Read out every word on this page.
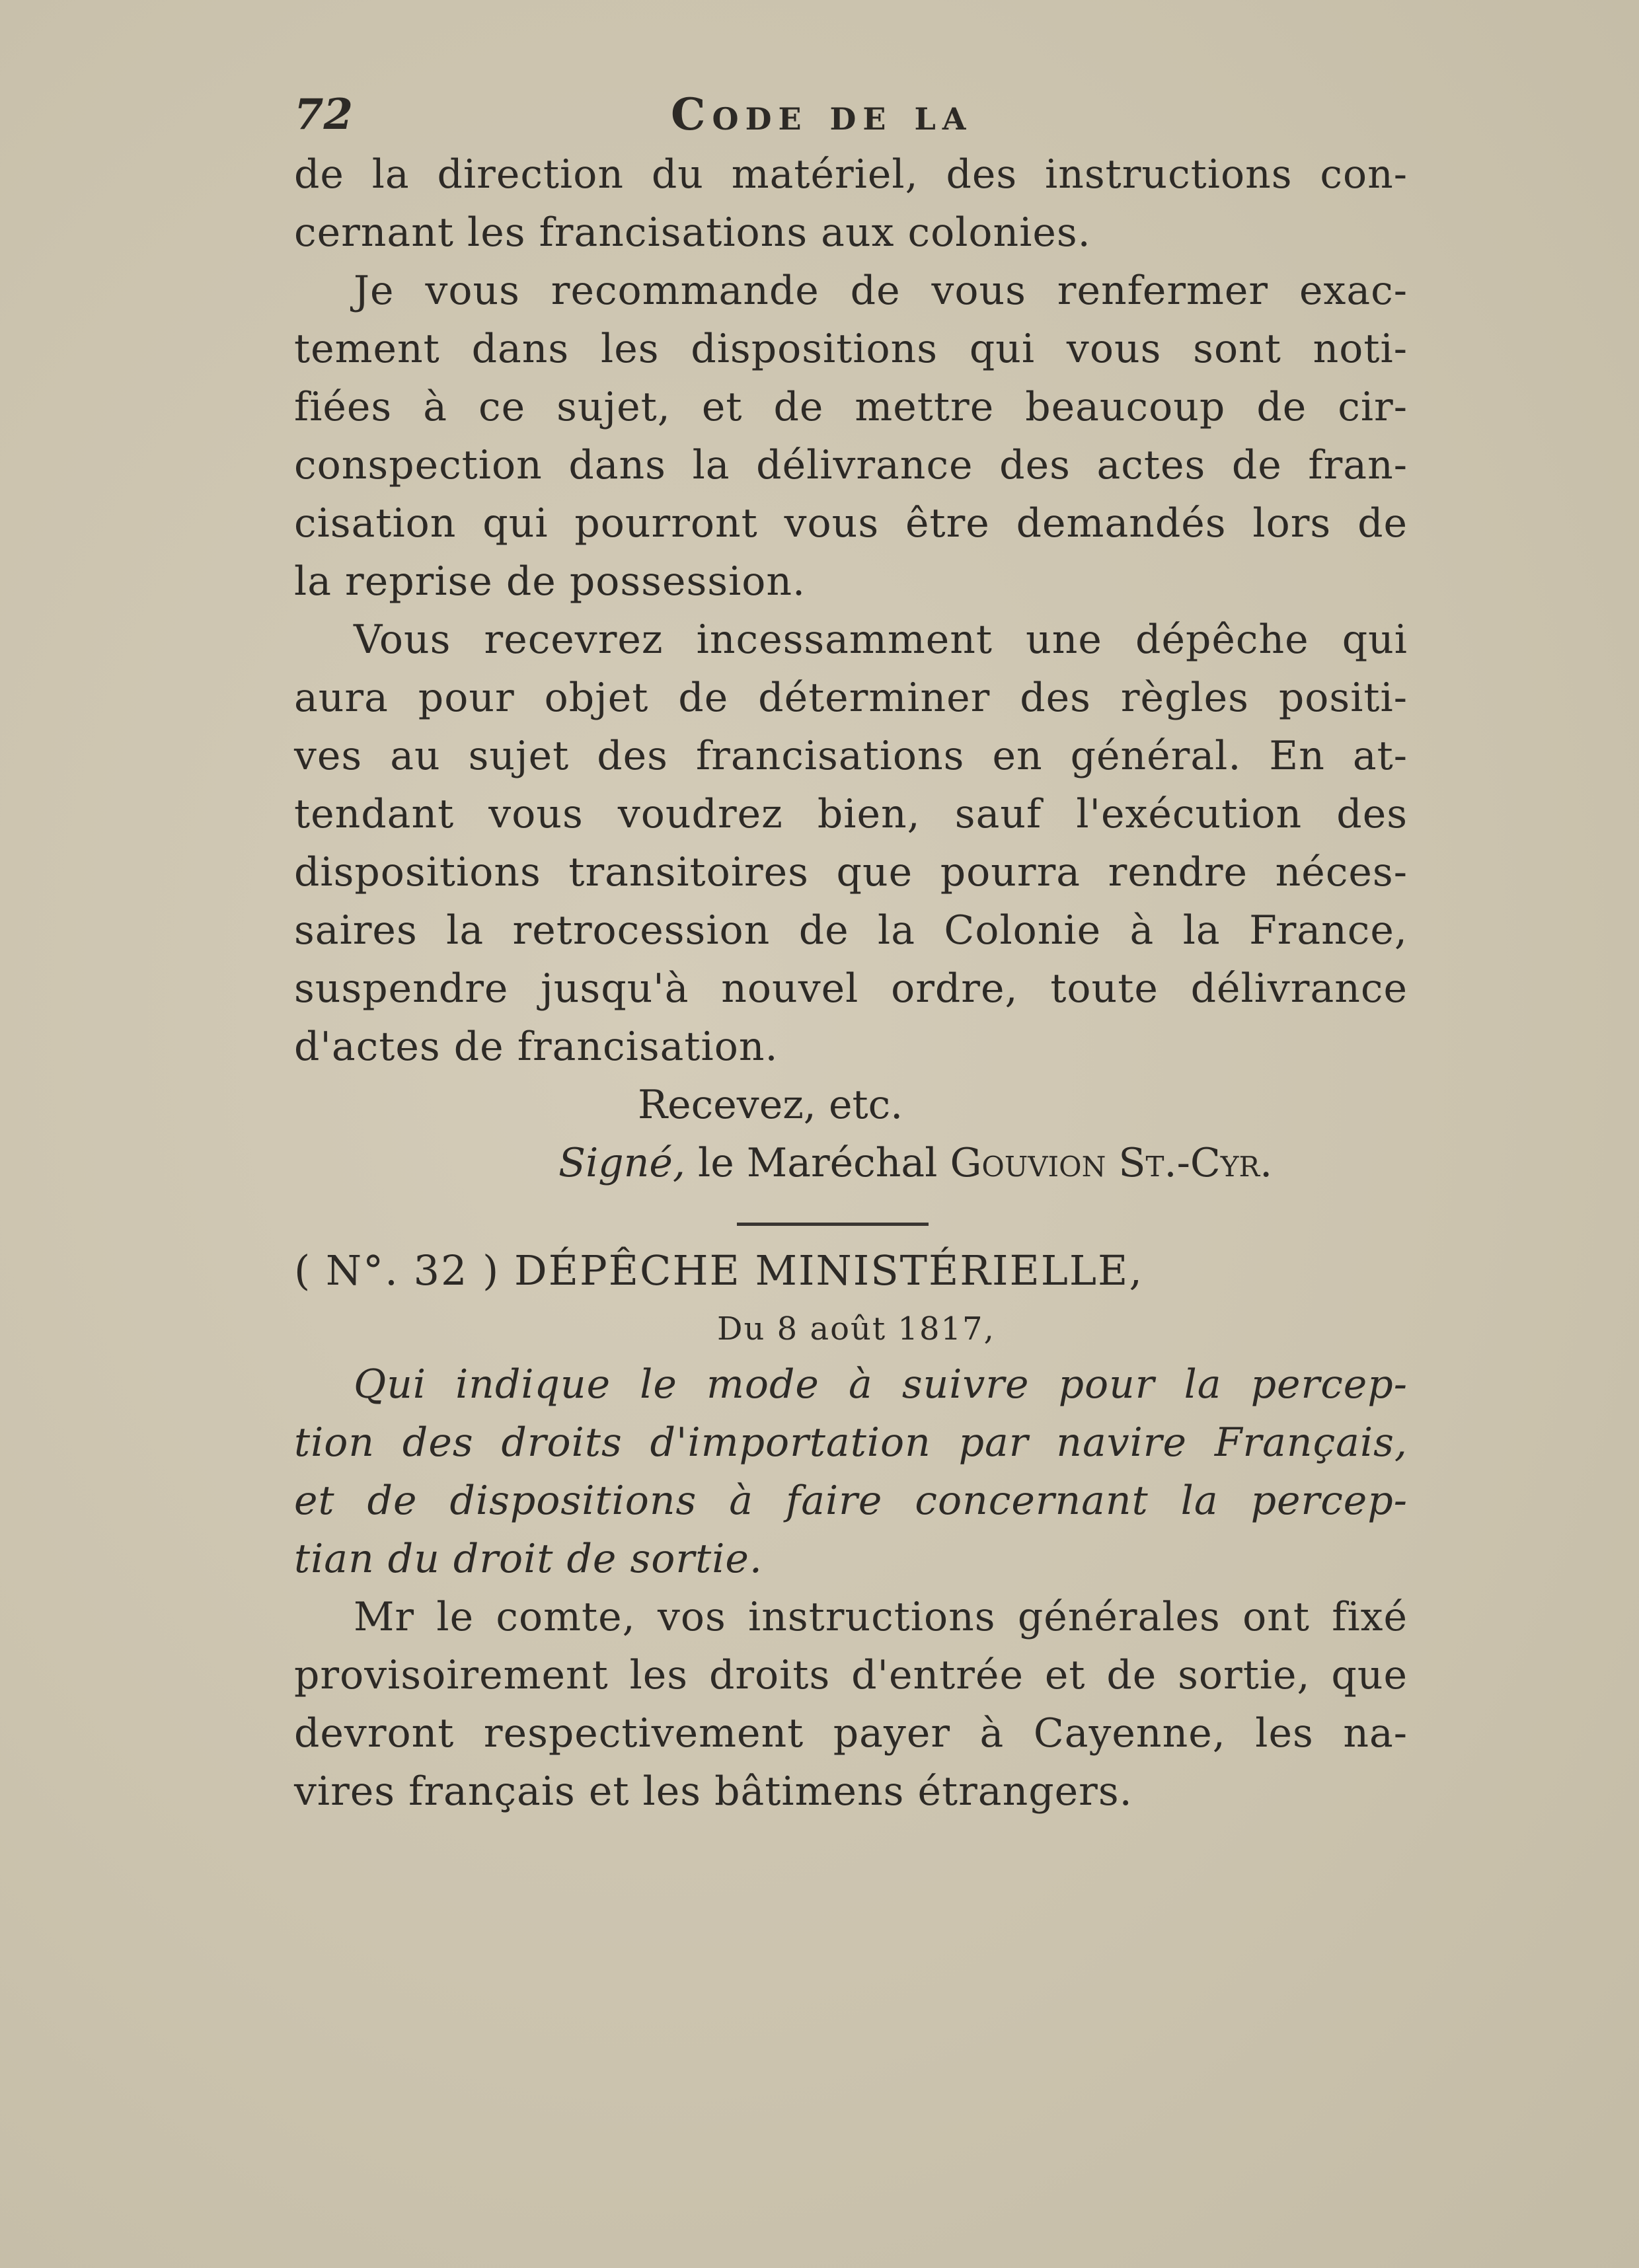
72	Code de la
de la direction du matériel, des instructions con-
cernant les francisations aux colonies.
Je vous recommande de vous renfermer exac-
tement dans les dispositions qui vous sont noti-
fiées à ce sujet, et de mettre beaucoup de cir-
conspection dans la délivrance des actes de fran-
cisation qui pourront vous être demandés lors de
la reprise de possession.
Vous recevrez incessamment une dépêche qui
aura pour objet de déterminer des règles positi-
ves au sujet des francisations en général. En at-
tendant vous voudrez bien, sauf l'exécution des
dispositions transitoires que pourra rendre néces-
saires la retrocession de la Colonie à la France,
suspendre jusqu'à nouvel ordre, toute délivrance
d'actes de francisation.
Recevez, etc.
Signé, le Maréchal Gouvion St.-Cyr.
( N°. 32 ) DÉPÊCHE MINISTÉRIELLE,
Du 8 août 1817,
Qui indique le mode à suivre pour la percep-
tion des droits d'importation par navire Français,
et de dispositions à faire concernant la percep-
tian du droit de sortie.
Mr le comte, vos instructions générales ont fixé
provisoirement les droits d'entrée et de sortie, que
devront respectivement payer à Cayenne, les na-
vires français et les bâtimens étrangers.
